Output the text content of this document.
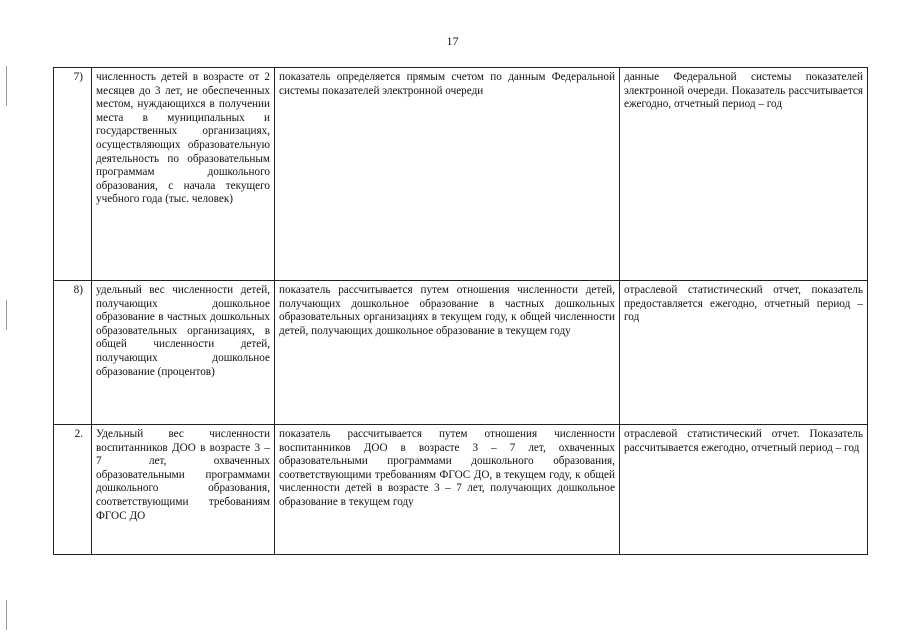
17
7)	численность детей в возрасте от 2 месяцев до 3 лет, не обеспеченных местом, нуждающихся в получении места в муниципальных и государственных организациях, осуществляющих образовательную деятельность по образовательным программам дошкольного образования, с начала текущего учебного года (тыс. человек)	показатель определяется прямым счетом по данным Федеральной системы показателей электронной очереди	данные Федеральной системы показателей электронной очереди. Показатель рассчитывается ежегодно, отчетный период – год
8)	удельный вес численности детей, получающих дошкольное образование в частных дошкольных образовательных организациях, в общей численности детей, получающих дошкольное образование (процентов)	показатель рассчитывается путем отношения численности детей, получающих дошкольное образование в частных дошкольных образовательных организациях в текущем году, к общей численности детей, получающих дошкольное образование в текущем году	отраслевой статистический отчет, показатель предоставляется ежегодно, отчетный период – год
2.	Удельный вес численности воспитанников ДОО в возрасте 3 – 7 лет, охваченных образовательными программами дошкольного образования, соответствующими требованиям ФГОС ДО	показатель рассчитывается путем отношения численности воспитанников ДОО в возрасте 3 – 7 лет, охваченных образовательными программами дошкольного образования, соответствующими требованиям ФГОС ДО, в текущем году, к общей численности детей в возрасте 3 – 7 лет, получающих дошкольное образование в текущем году	отраслевой статистический отчет. Показатель рассчитывается ежегодно, отчетный период – год
